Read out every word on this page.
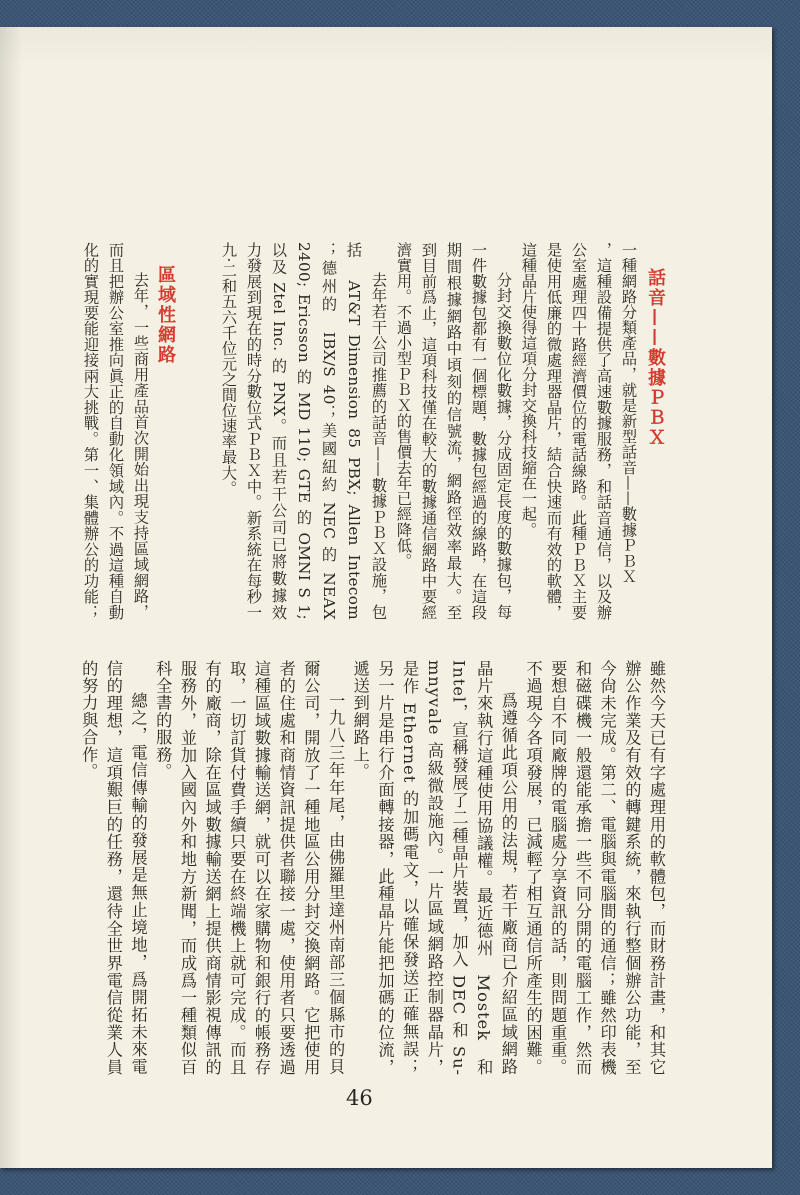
話音——數據ＰＢＸ
一種網路分類產品，就是新型話音——數據ＰＢＸ
，這種設備提供了高速數據服務，和話音通信，以及辦
公室處理四十路經濟價位的電話線路。此種ＰＢＸ主要
是使用低廉的微處理器晶片，結合快速而有效的軟體，
這種晶片使得這項分封交換科技縮在一起。
分封交換數位化數據，分成固定長度的數據包，每
一件數據包都有一個標題，數據包經過的線路，在這段
期間根據網路中頃刻的信號流，網路徑效率最大。至
到目前爲止，這項科技僅在較大的數據通信網路中要經
濟實用。不過小型ＰＢＸ的售價去年已經降低。
去年若干公司推薦的話音——數據ＰＢＸ設施，包
括　AT&T Dimension 85 PBX; Allen Intecom
；德州的　IBX/S 40；美國紐約 NEC 的 NEAX
2400; Ericsson 的 MD 110; GTE 的 OMNI S 1;
以及 Ztel Inc. 的 PNX。而且若干公司已將數據效
力發展到現在的時分數位式ＰＢＸ中。新系統在每秒一
九·二和五六千位元之間位速率最大。
區域性網路
去年，一些商用產品首次開始出現支持區域網路，
而且把辦公室推向眞正的自動化領域內。不過這種自動
化的實現要能迎接兩大挑戰。第一、集體辦公的功能；
雖然今天已有字處理用的軟體包，而財務計畫，和其它
辦公作業及有效的轉鍵系統，來執行整個辦公功能，至
今尙未完成。第二、電腦與電腦間的通信；雖然印表機
和磁碟機一般還能承擔一些不同分開的電腦工作，然而
要想自不同廠牌的電腦處分享資訊的話，則問題重重。
不過現今各項發展，已減輕了相互通信所產生的困難。
爲遵循此項公用的法規，若干廠商已介紹區域網路
晶片來執行這種使用協議權。最近德州　Mostek　和
Intel，宣稱發展了二種晶片裝置，加入 DEC 和 Su-
mnyvale 高級微設施內。一片區域網路控制器晶片，
是作 Ethernet 的加碼電文，以確保發送正確無誤；
另一片是串行介面轉接器，此種晶片能把加碼的位流，
遞送到網路上。
一九八三年年尾，由佛羅里達州南部三個縣市的貝
爾公司，開放了一種地區公用分封交換網路。它把使用
者的住處和商情資訊提供者聯接一處，使用者只要透過
這種區域數據輸送網，就可以在家購物和銀行的帳務存
取，一切訂貨付費手續只要在終端機上就可完成。而且
有的廠商，除在區域數據輸送網上提供商情影視傳訊的
服務外，並加入國內外和地方新聞，而成爲一種類似百
科全書的服務。
總之，電信傳輸的發展是無止境地，爲開拓未來電
信的理想，這項艱巨的任務，還待全世界電信從業人員
的努力與合作。
46
